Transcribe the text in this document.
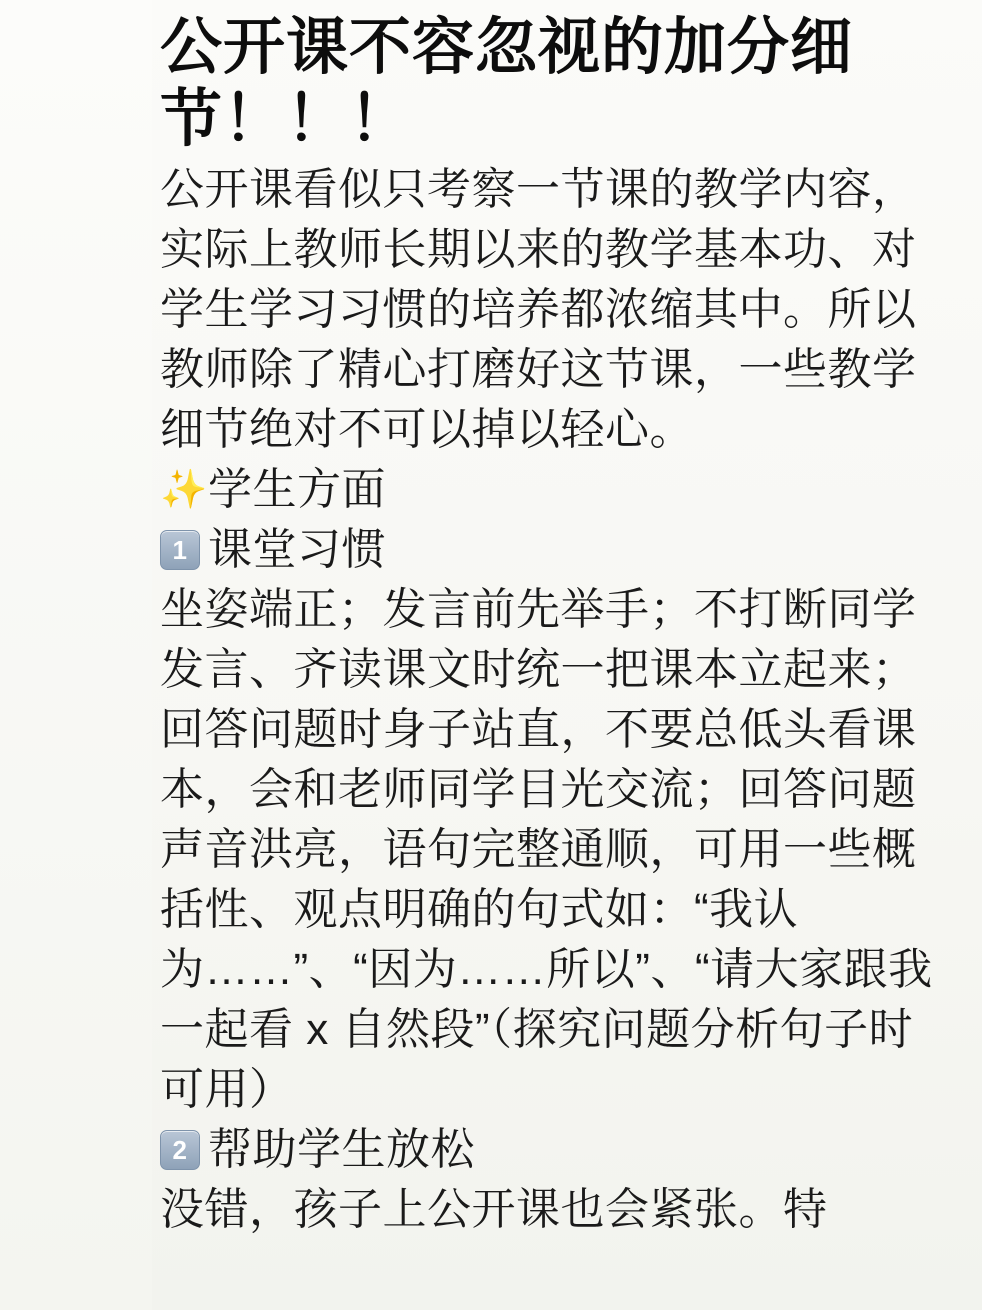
公开课不容忽视的加分细节！！！

公开课看似只考察一节课的教学内容，实际上教师长期以来的教学基本功、对学生学习习惯的培养都浓缩其中。所以教师除了精心打磨好这节课，一些教学细节绝对不可以掉以轻心。

✨ 学生方面
1 课堂习惯

坐姿端正；发言前先举手；不打断同学发言、齐读课文时统一把课本立起来；回答问题时身子站直，不要总低头看课本，会和老师同学目光交流；回答问题声音洪亮，语句完整通顺，可用一些概括性、观点明确的句式如：“我认为……”、“因为……所以”、“请大家跟我一起看 x 自然段”（探究问题分析句子时可用）

2 帮助学生放松

没错，孩子上公开课也会紧张。特
